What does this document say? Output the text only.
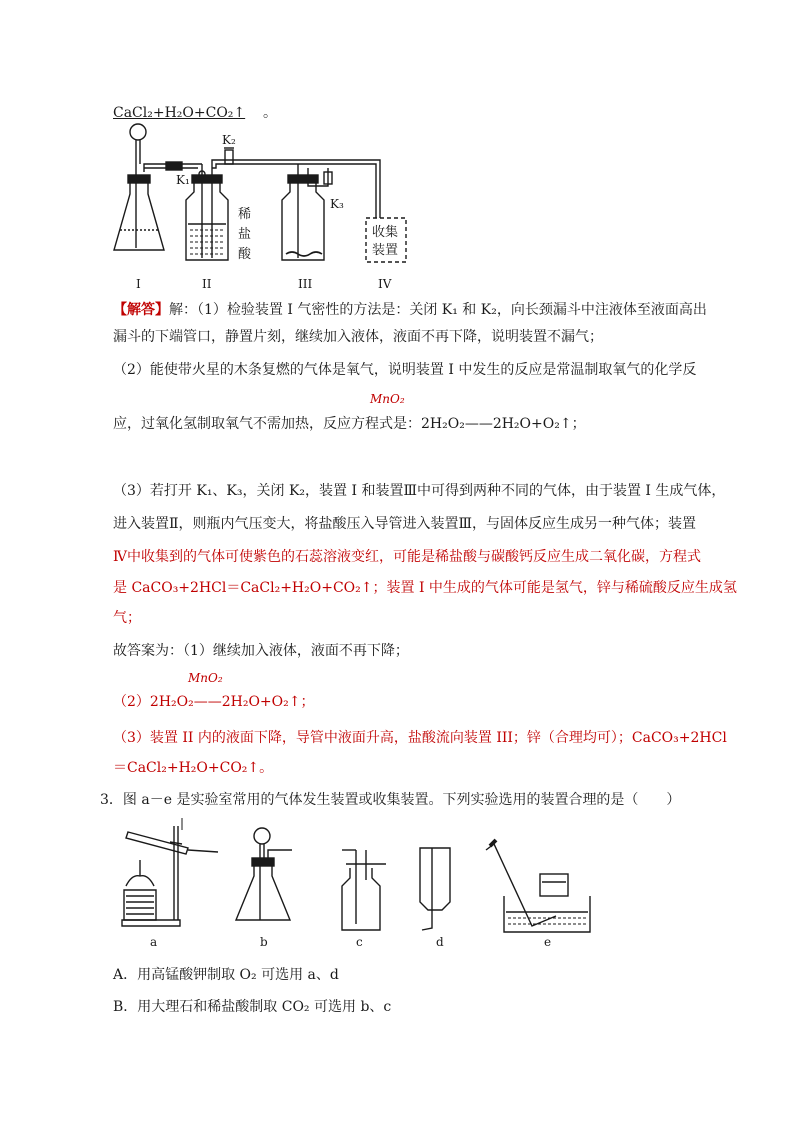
CaCl₂+H₂O+CO₂↑ 。
K₁
K₂
K₃
稀
盐
酸
收集
装置
I	II	III	IV
【解答】解：（1）检验装置 I 气密性的方法是：关闭 K₁ 和 K₂，向长颈漏斗中注液体至液面高出
漏斗的下端管口，静置片刻，继续加入液体，液面不再下降，说明装置不漏气；
（2）能使带火星的木条复燃的气体是氧气，说明装置 I 中发生的反应是常温制取氧气的化学反
MnO₂
应，过氧化氢制取氧气不需加热，反应方程式是：2H₂O₂——2H₂O+O₂↑；
（3）若打开 K₁、K₃，关闭 K₂，装置 I 和装置Ⅲ中可得到两种不同的气体，由于装置 I 生成气体，
进入装置Ⅱ，则瓶内气压变大，将盐酸压入导管进入装置Ⅲ，与固体反应生成另一种气体；装置
Ⅳ中收集到的气体可使紫色的石蕊溶液变红，可能是稀盐酸与碳酸钙反应生成二氧化碳，方程式
是 CaCO₃+2HCl＝CaCl₂+H₂O+CO₂↑；装置 I 中生成的气体可能是氢气，锌与稀硫酸反应生成氢
气；
故答案为：（1）继续加入液体，液面不再下降；
MnO₂
（2）2H₂O₂——2H₂O+O₂↑；
（3）装置 II 内的液面下降，导管中液面升高，盐酸流向装置 III；锌（合理均可）；CaCO₃+2HCl
＝CaCl₂+H₂O+CO₂↑。
3．图 a－e 是实验室常用的气体发生装置或收集装置。下列实验选用的装置合理的是（　　）
a	b	c	d	e
A．用高锰酸钾制取 O₂ 可选用 a、d
B．用大理石和稀盐酸制取 CO₂ 可选用 b、c
